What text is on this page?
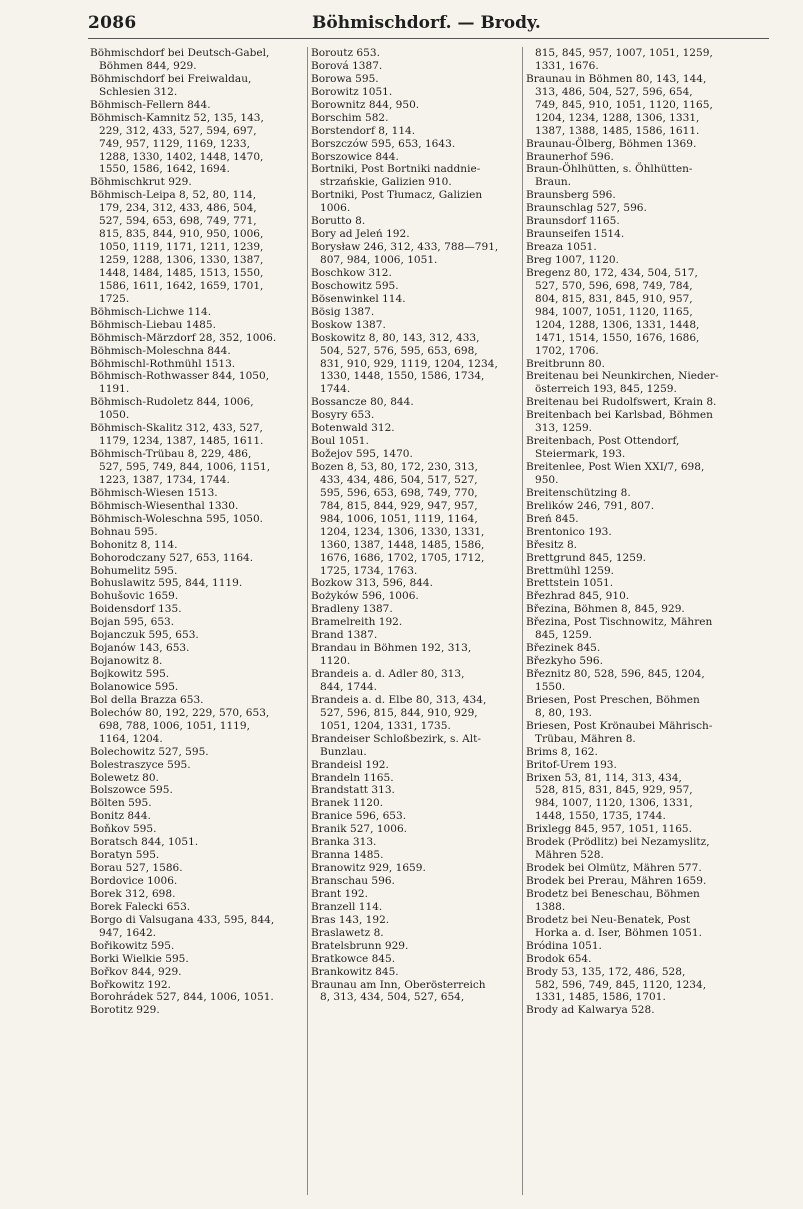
2086	Böhmischdorf. — Brody.
Böhmischdorf bei Deutsch-Gabel,
Böhmen 844, 929.
Böhmischdorf bei Freiwaldau,
Schlesien 312.
Böhmisch-Fellern 844.
Böhmisch-Kamnitz 52, 135, 143,
229, 312, 433, 527, 594, 697,
749, 957, 1129, 1169, 1233,
1288, 1330, 1402, 1448, 1470,
1550, 1586, 1642, 1694.
Böhmischkrut 929.
Böhmisch-Leipa 8, 52, 80, 114,
179, 234, 312, 433, 486, 504,
527, 594, 653, 698, 749, 771,
815, 835, 844, 910, 950, 1006,
1050, 1119, 1171, 1211, 1239,
1259, 1288, 1306, 1330, 1387,
1448, 1484, 1485, 1513, 1550,
1586, 1611, 1642, 1659, 1701,
1725.
Böhmisch-Lichwe 114.
Böhmisch-Liebau 1485.
Böhmisch-Märzdorf 28, 352, 1006.
Böhmisch-Moleschna 844.
Böhmischl-Rothmühl 1513.
Böhmisch-Rothwasser 844, 1050,
1191.
Böhmisch-Rudoletz 844, 1006,
1050.
Böhmisch-Skalitz 312, 433, 527,
1179, 1234, 1387, 1485, 1611.
Böhmisch-Trübau 8, 229, 486,
527, 595, 749, 844, 1006, 1151,
1223, 1387, 1734, 1744.
Böhmisch-Wiesen 1513.
Böhmisch-Wiesenthal 1330.
Böhmisch-Woleschna 595, 1050.
Bohnau 595.
Bohonitz 8, 114.
Bohorodczany 527, 653, 1164.
Bohumelitz 595.
Bohuslawitz 595, 844, 1119.
Bohušovic 1659.
Boidensdorf 135.
Bojan 595, 653.
Bojanczuk 595, 653.
Bojanów 143, 653.
Bojanowitz 8.
Bojkowitz 595.
Bolanowice 595.
Bol della Brazza 653.
Bolechów 80, 192, 229, 570, 653,
698, 788, 1006, 1051, 1119,
1164, 1204.
Bolechowitz 527, 595.
Bolestraszyce 595.
Bolewetz 80.
Bolszowce 595.
Bölten 595.
Bonitz 844.
Boňkov 595.
Boratsch 844, 1051.
Boratyn 595.
Borau 527, 1586.
Bordovice 1006.
Borek 312, 698.
Borek Falecki 653.
Borgo di Valsugana 433, 595, 844,
947, 1642.
Bořikowitz 595.
Borki Wielkie 595.
Bořkov 844, 929.
Bořkowitz 192.
Borohrádek 527, 844, 1006, 1051.
Borotitz 929.
Boroutz 653.
Borová 1387.
Borowa 595.
Borowitz 1051.
Borownitz 844, 950.
Borschim 582.
Borstendorf 8, 114.
Borszczów 595, 653, 1643.
Borszowice 844.
Bortniki, Post Bortniki naddnie-
strzańskie, Galizien 910.
Bortniki, Post Tłumacz, Galizien
1006.
Borutto 8.
Bory ad Jeleń 192.
Borysław 246, 312, 433, 788—791,
807, 984, 1006, 1051.
Boschkow 312.
Boschowitz 595.
Bösenwinkel 114.
Bösig 1387.
Boskow 1387.
Boskowitz 8, 80, 143, 312, 433,
504, 527, 576, 595, 653, 698,
831, 910, 929, 1119, 1204, 1234,
1330, 1448, 1550, 1586, 1734,
1744.
Bossancze 80, 844.
Bosyry 653.
Botenwald 312.
Boul 1051.
Božejov 595, 1470.
Bozen 8, 53, 80, 172, 230, 313,
433, 434, 486, 504, 517, 527,
595, 596, 653, 698, 749, 770,
784, 815, 844, 929, 947, 957,
984, 1006, 1051, 1119, 1164,
1204, 1234, 1306, 1330, 1331,
1360, 1387, 1448, 1485, 1586,
1676, 1686, 1702, 1705, 1712,
1725, 1734, 1763.
Bozkow 313, 596, 844.
Bożyków 596, 1006.
Bradleny 1387.
Bramelreith 192.
Brand 1387.
Brandau in Böhmen 192, 313,
1120.
Brandeis a. d. Adler 80, 313,
844, 1744.
Brandeis a. d. Elbe 80, 313, 434,
527, 596, 815, 844, 910, 929,
1051, 1204, 1331, 1735.
Brandeiser Schloßbezirk, s. Alt-
Bunzlau.
Brandeisl 192.
Brandeln 1165.
Brandstatt 313.
Branek 1120.
Branice 596, 653.
Branik 527, 1006.
Branka 313.
Branna 1485.
Branowitz 929, 1659.
Branschau 596.
Brant 192.
Branzell 114.
Bras 143, 192.
Braslawetz 8.
Bratelsbrunn 929.
Bratkowce 845.
Brankowitz 845.
Braunau am Inn, Oberösterreich
8, 313, 434, 504, 527, 654,
815, 845, 957, 1007, 1051, 1259,
1331, 1676.
Braunau in Böhmen 80, 143, 144,
313, 486, 504, 527, 596, 654,
749, 845, 910, 1051, 1120, 1165,
1204, 1234, 1288, 1306, 1331,
1387, 1388, 1485, 1586, 1611.
Braunau-Ölberg, Böhmen 1369.
Braunerhof 596.
Braun-Öhlhütten, s. Öhlhütten-
Braun.
Braunsberg 596.
Braunschlag 527, 596.
Braunsdorf 1165.
Braunseifen 1514.
Breaza 1051.
Breg 1007, 1120.
Bregenz 80, 172, 434, 504, 517,
527, 570, 596, 698, 749, 784,
804, 815, 831, 845, 910, 957,
984, 1007, 1051, 1120, 1165,
1204, 1288, 1306, 1331, 1448,
1471, 1514, 1550, 1676, 1686,
1702, 1706.
Breitbrunn 80.
Breitenau bei Neunkirchen, Nieder-
österreich 193, 845, 1259.
Breitenau bei Rudolfswert, Krain 8.
Breitenbach bei Karlsbad, Böhmen
313, 1259.
Breitenbach, Post Ottendorf,
Steiermark, 193.
Breitenlee, Post Wien XXI/7, 698,
950.
Breitenschützing 8.
Brelików 246, 791, 807.
Breń 845.
Brentonico 193.
Břesitz 8.
Brettgrund 845, 1259.
Brettmühl 1259.
Brettstein 1051.
Březhrad 845, 910.
Březina, Böhmen 8, 845, 929.
Březina, Post Tischnowitz, Mähren
845, 1259.
Březinek 845.
Březkyho 596.
Březnitz 80, 528, 596, 845, 1204,
1550.
Briesen, Post Preschen, Böhmen
8, 80, 193.
Briesen, Post Krönaubei Mährisch-
Trübau, Mähren 8.
Brims 8, 162.
Britof-Urem 193.
Brixen 53, 81, 114, 313, 434,
528, 815, 831, 845, 929, 957,
984, 1007, 1120, 1306, 1331,
1448, 1550, 1735, 1744.
Brixlegg 845, 957, 1051, 1165.
Brodek (Prödlitz) bei Nezamyslitz,
Mähren 528.
Brodek bei Olmütz, Mähren 577.
Brodek bei Prerau, Mähren 1659.
Brodetz bei Beneschau, Böhmen
1388.
Brodetz bei Neu-Benatek, Post
Horka a. d. Iser, Böhmen 1051.
Bródina 1051.
Brodok 654.
Brody 53, 135, 172, 486, 528,
582, 596, 749, 845, 1120, 1234,
1331, 1485, 1586, 1701.
Brody ad Kalwarya 528.
